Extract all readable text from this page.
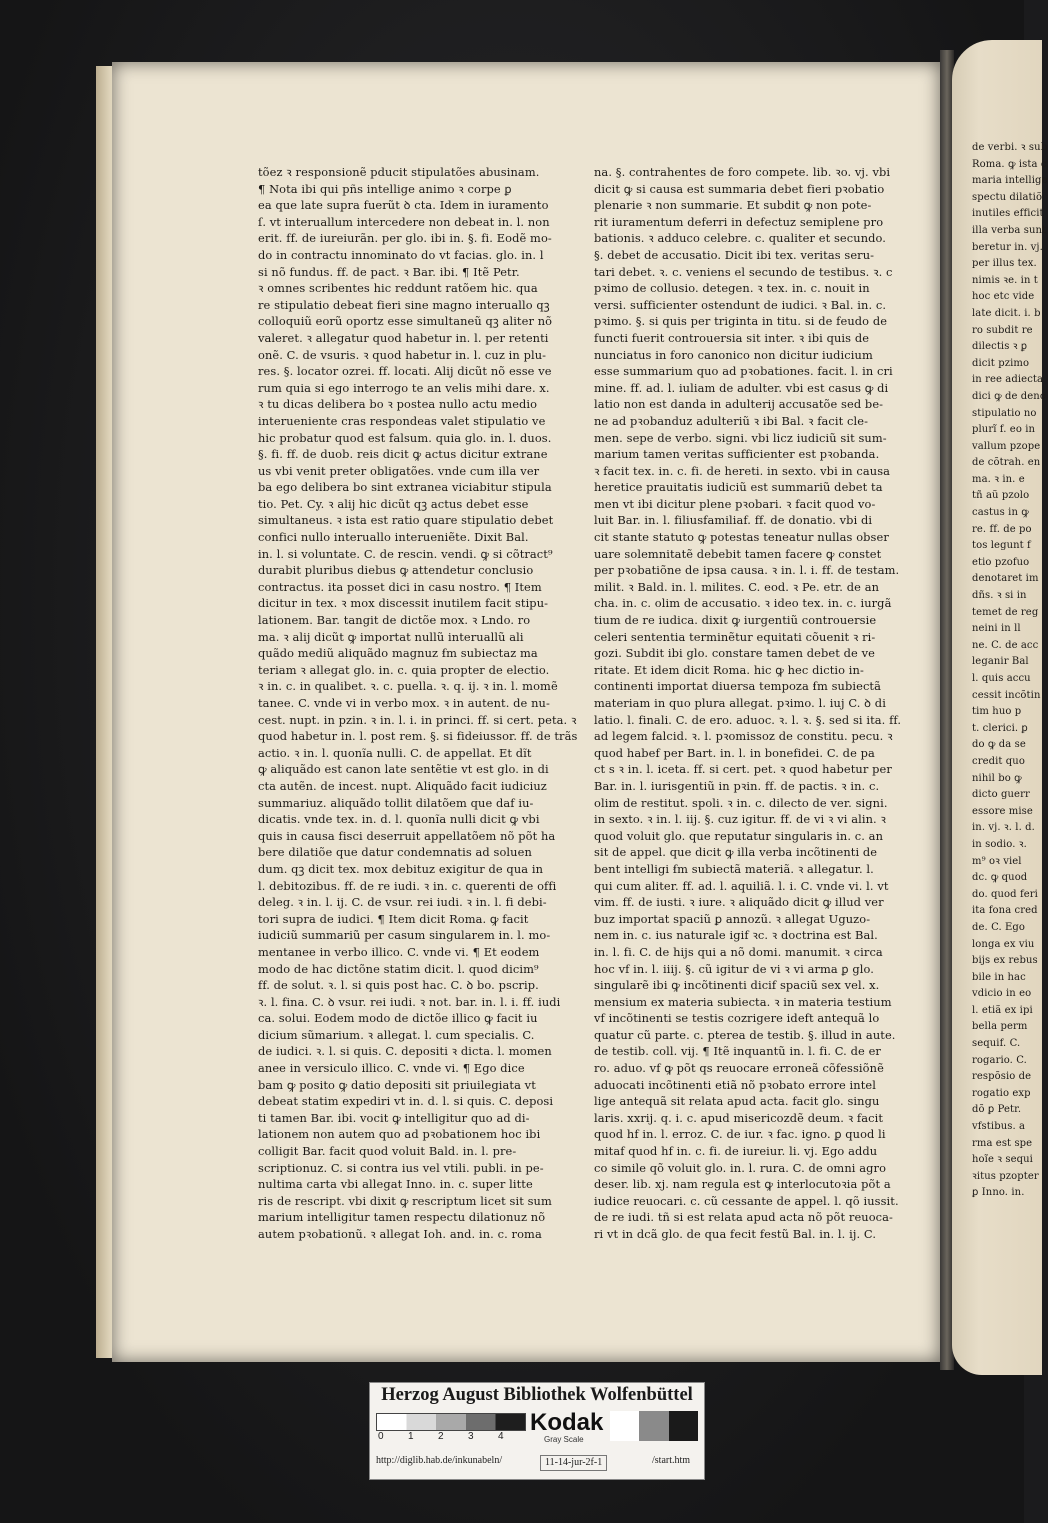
tõez ꝛ responsionẽ pducit stipulatões abusinam.
¶ Nota ibi qui pñs intellige animo ꝛ corpe ꝑ
ea que late supra fuerũt ꝺ cta. Idem in iuramento
ſ. vt interuallum intercedere non debeat in. l. non
erit. ff. de iureiurãn. per glo. ibi in. §. fi. Eodẽ mo‑
do in contractu innominato do vt facias. glo. in. l
si nõ fundus. ff. de pact. ꝛ Bar. ibi. ¶ Itẽ Petr.
ꝛ omnes scribentes hic reddunt ratõem hic. qua
re stipulatio debeat fieri sine magno interuallo qꝫ
colloquiũ eorũ oportz esse simultaneũ qꝫ aliter nõ
valeret. ꝛ allegatur quod habetur in. l. per retenti
onẽ. C. de vsuris. ꝛ quod habetur in. l. cuz in plu‑
res. §. locator ozrei. ff. locati. Alij dicũt nõ esse ve
rum quia si ego interrogo te an velis mihi dare. x.
ꝛ tu dicas delibera bo ꝛ postea nullo actu medio
interueniente cras respondeas valet stipulatio ve
hic probatur quod est falsum. quia glo. in. l. duos.
§. fi. ff. de duob. reis dicit ꝙ actus dicitur extrane
us vbi venit preter obligatões. vnde cum illa ver
ba ego delibera bo sint extranea viciabitur stipula
tio. Pet. Cy. ꝛ alij hic dicũt qꝫ actus debet esse
simultaneus. ꝛ ista est ratio quare stipulatio debet
confici nullo interuallo interueniẽte. Dixit Bal.
in. l. si voluntate. C. de rescin. vendi. ꝙ si cõtract⁹
durabit pluribus diebus ꝙ attendetur conclusio
contractus. ita posset dici in casu nostro. ¶ Item
dicitur in tex. ꝛ mox discessit inutilem facit stipu‑
lationem. Bar. tangit de dictõe mox. ꝛ Lndo. ro
ma. ꝛ alij dicũt ꝙ importat nullũ interuallũ ali
quãdo mediũ aliquãdo magnuz ẜm subiectaz ma
teriam ꝛ allegat glo. in. c. quia propter de electio.
ꝛ in. c. in qualibet. ꝛ. c. puella. ꝛ. q. ij. ꝛ in. l. momẽ
tanee. C. vnde vi in verbo mox. ꝛ in autent. de nu‑
cest. nupt. in pzin. ꝛ in. l. i. in princi. ff. si cert. peta. ꝛ
quod habetur in. l. post rem. §. si fideiussor. ff. de trãs
actio. ꝛ in. l. quonĩa nulli. C. de appellat. Et dĩt
ꝙ aliquãdo est canon late sentẽtie vt est glo. in di
cta autẽn. de incest. nupt. Aliquãdo facit iudiciuz
summariuz. aliquãdo tollit dilatõem que daf iu‑
dicatis. vnde tex. in. d. l. quonĩa nulli dicit ꝙ vbi
quis in causa fisci deserruit appellatõem nõ põt ha
bere dilatiõe que datur condemnatis ad soluen
dum. qꝫ dicit tex. mox debituz exigitur de qua in
l. debitozibus. ff. de re iudi. ꝛ in. c. querenti de offi
deleg. ꝛ in. l. ij. C. de vsur. rei iudi. ꝛ in. l. fi debi‑
tori supra de iudici. ¶ Item dicit Roma. ꝙ facit
iudiciũ summariũ per casum singularem in. l. mo‑
mentanee in verbo illico. C. vnde vi. ¶ Et eodem
modo de hac dictõne statim dicit. l. quod dicim⁹
ff. de solut. ꝛ. l. si quis post hac. C. ꝺ bo. pscrip.
ꝛ. l. fina. C. ꝺ vsur. rei iudi. ꝛ not. bar. in. l. i. ff. iudi
ca. solui. Eodem modo de dictõe illico ꝙ facit iu
dicium sũmarium. ꝛ allegat. l. cum specialis. C.
de iudici. ꝛ. l. si quis. C. depositi ꝛ dicta. l. momen
anee in versiculo illico. C. vnde vi. ¶ Ego dice
bam ꝙ posito ꝙ datio depositi sit priuilegiata vt
debeat statim expediri vt in. d. l. si quis. C. deposi
ti tamen Bar. ibi. vocit ꝙ intelligitur quo ad di‑
lationem non autem quo ad pꝛobationem hoc ibi
colligit Bar. facit quod voluit Bald. in. l. pre‑
scriptionuz. C. si contra ius vel vtili. publi. in pe‑
nultima carta vbi allegat Inno. in. c. super litte
ris de rescript. vbi dixit ꝙ rescriptum licet sit sum
marium intelligitur tamen respectu dilationuz nõ
autem pꝛobationũ. ꝛ allegat Ioh. and. in. c. roma
na. §. contrahentes de foro compete. lib. ꝛo. vj. vbi
dicit ꝙ si causa est summaria debet fieri pꝛobatio
plenarie ꝛ non summarie. Et subdit ꝙ non pote‑
rit iuramentum deferri in defectuz semiplene pro
bationis. ꝛ adduco celebre. c. qualiter et secundo.
§. debet de accusatio. Dicit ibi tex. veritas seru‑
tari debet. ꝛ. c. veniens el secundo de testibus. ꝛ. c
pꝛimo de collusio. detegen. ꝛ tex. in. c. nouit in
versi. sufficienter ostendunt de iudici. ꝛ Bal. in. c.
pꝛimo. §. si quis per triginta in titu. si de feudo de
functi fuerit controuersia sit inter. ꝛ ibi quis de
nunciatus in foro canonico non dicitur iudicium
esse summarium quo ad pꝛobationes. facit. l. in cri
mine. ff. ad. l. iuliam de adulter. vbi est casus ꝙ di
latio non est danda in adulterij accusatõe sed be‑
ne ad pꝛobanduz adulteriũ ꝛ ibi Bal. ꝛ facit cle‑
men. sepe de verbo. signi. vbi licz iudiciũ sit sum‑
marium tamen veritas sufficienter est pꝛobanda.
ꝛ facit tex. in. c. fi. de hereti. in sexto. vbi in causa
heretice prauitatis iudiciũ est summariũ debet ta
men vt ibi dicitur plene pꝛobari. ꝛ facit quod vo‑
luit Bar. in. l. filiusfamiliaf. ff. de donatio. vbi di
cit stante statuto ꝙ potestas teneatur nullas obser
uare solemnitatẽ debebit tamen facere ꝙ constet
per pꝛobatiõne de ipsa causa. ꝛ in. l. i. ff. de testam.
milit. ꝛ Bald. in. l. milites. C. eod. ꝛ Pe. etr. de an
cha. in. c. olim de accusatio. ꝛ ideo tex. in. c. iurgã
tium de re iudica. dixit ꝙ iurgentiũ controuersie
celeri sententia terminẽtur equitati cõuenit ꝛ ri‑
gozi. Subdit ibi glo. constare tamen debet de ve
ritate. Et idem dicit Roma. hic ꝙ hec dictio in‑
continenti importat diuersa tempoza ẜm subiectã
materiam in quo plura allegat. pꝛimo. l. iuj C. ꝺ di
latio. l. finali. C. de ero. aduoc. ꝛ. l. ꝛ. §. sed si ita. ff.
ad legem falcid. ꝛ. l. pꝛomissoz de constitu. pecu. ꝛ
quod habef per Bart. in. l. in bonefidei. C. de pa
ct s ꝛ in. l. iceta. ff. si cert. pet. ꝛ quod habetur per
Bar. in. l. iurisgentiũ in pꝛin. ff. de pactis. ꝛ in. c.
olim de restitut. spoli. ꝛ in. c. dilecto de ver. signi.
in sexto. ꝛ in. l. iij. §. cuz igitur. ff. de vi ꝛ vi alin. ꝛ
quod voluit glo. que reputatur singularis in. c. an
sit de appel. que dicit ꝙ illa verba incõtinenti de
bent intelligi ẜm subiectã materiã. ꝛ allegatur. l.
qui cum aliter. ff. ad. l. aquiliã. l. i. C. vnde vi. l. vt
vim. ff. de iusti. ꝛ iure. ꝛ aliquãdo dicit ꝙ illud ver
buz importat spaciũ ꝑ annozũ. ꝛ allegat Uguzo‑
nem in. c. ius naturale igif ꝛc. ꝛ doctrina est Bal.
in. l. fi. C. de hijs qui a nõ domi. manumit. ꝛ circa
hoc vf in. l. iiij. §. cũ igitur de vi ꝛ vi arma ꝑ glo.
singularẽ ibi ꝙ incõtinenti dicif spaciũ sex vel. x.
mensium ex materia subiecta. ꝛ in materia testium
vf incõtinenti se testis cozrigere ideft antequã lo
quatur cũ parte. c. pterea de testib. §. illud in aute.
de testib. coll. vij. ¶ Itẽ inquantũ in. l. fi. C. de er
ro. aduo. vf ꝙ põt qs reuocare erroneã cõfessiõnẽ
aduocati incõtinenti etiã nõ pꝛobato errore intel
lige antequã sit relata apud acta. facit glo. singu
laris. xxrij. q. i. c. apud misericozdẽ deum. ꝛ facit
quod hf in. l. erroz. C. de iur. ꝛ fac. igno. ꝑ quod li
mitaf quod hf in. c. fi. de iureiur. li. vj. Ego addu
co simile qõ voluit glo. in. l. rura. C. de omni agro
deser. lib. xj. nam regula est ꝙ interlocutoꝛia põt a
iudice reuocari. c. cũ cessante de appel. l. qõ iussit.
de re iudi. tñ si est relata apud acta nõ põt reuoca‑
ri vt in dcã glo. de qua fecit festũ Bal. in. l. ij. C.
de verbi. ꝛ sub
Roma. ꝙ ista c
maria intellige
spectu dilatiõ
inutiles efficit
illa verba sunt
beretur in. vj.
per illus tex.
nimis ꝛe. in t
hoc etc vide
late dicit. i. b
ro subdit re
dilectis ꝛ ꝑ
dicit pzimo
in ree adiecta
dici ꝙ de deno
stipulatio no
plurĩ f. eo in
vallum pzope
de cõtrah. en
ma. ꝛ in. e
tñ aũ pzolo
castus in ꝙ
re. ff. de po
tos legunt f
etio pzofuo
denotaret im
dñs. ꝛ si in
temet de reg
neini in ll
ne. C. de acc
leganir Bal
l. quis accu
cessit incõtin
tim huo p
t. clerici. ꝑ
do ꝙ da se
credit quo
nihil bo ꝙ
dicto guerr
essore mise
in. vj. ꝛ. l. d.
in sodio. ꝛ.
m⁹ oꝛ viel
dc. ꝙ quod
do. quod feri
ita fona cred
de. C. Ego
longa ex viu
bijs ex rebus
bile in hac
vdicio in eo
l. etiã ex ipi
bella perm
sequif. C.
rogario. C.
respõsio de
rogatio exp
dõ ꝑ Petr.
vfstibus. a
rma est spe
hoĩe ꝛ sequi
ꝛitus pzopter
ꝑ Inno. in.
Herzog August Bibliothek Wolfenbüttel
0 1 2 3 4
Kodak
Gray Scale
http://diglib.hab.de/inkunabeln/	11-14-jur-2f-1	/start.htm
